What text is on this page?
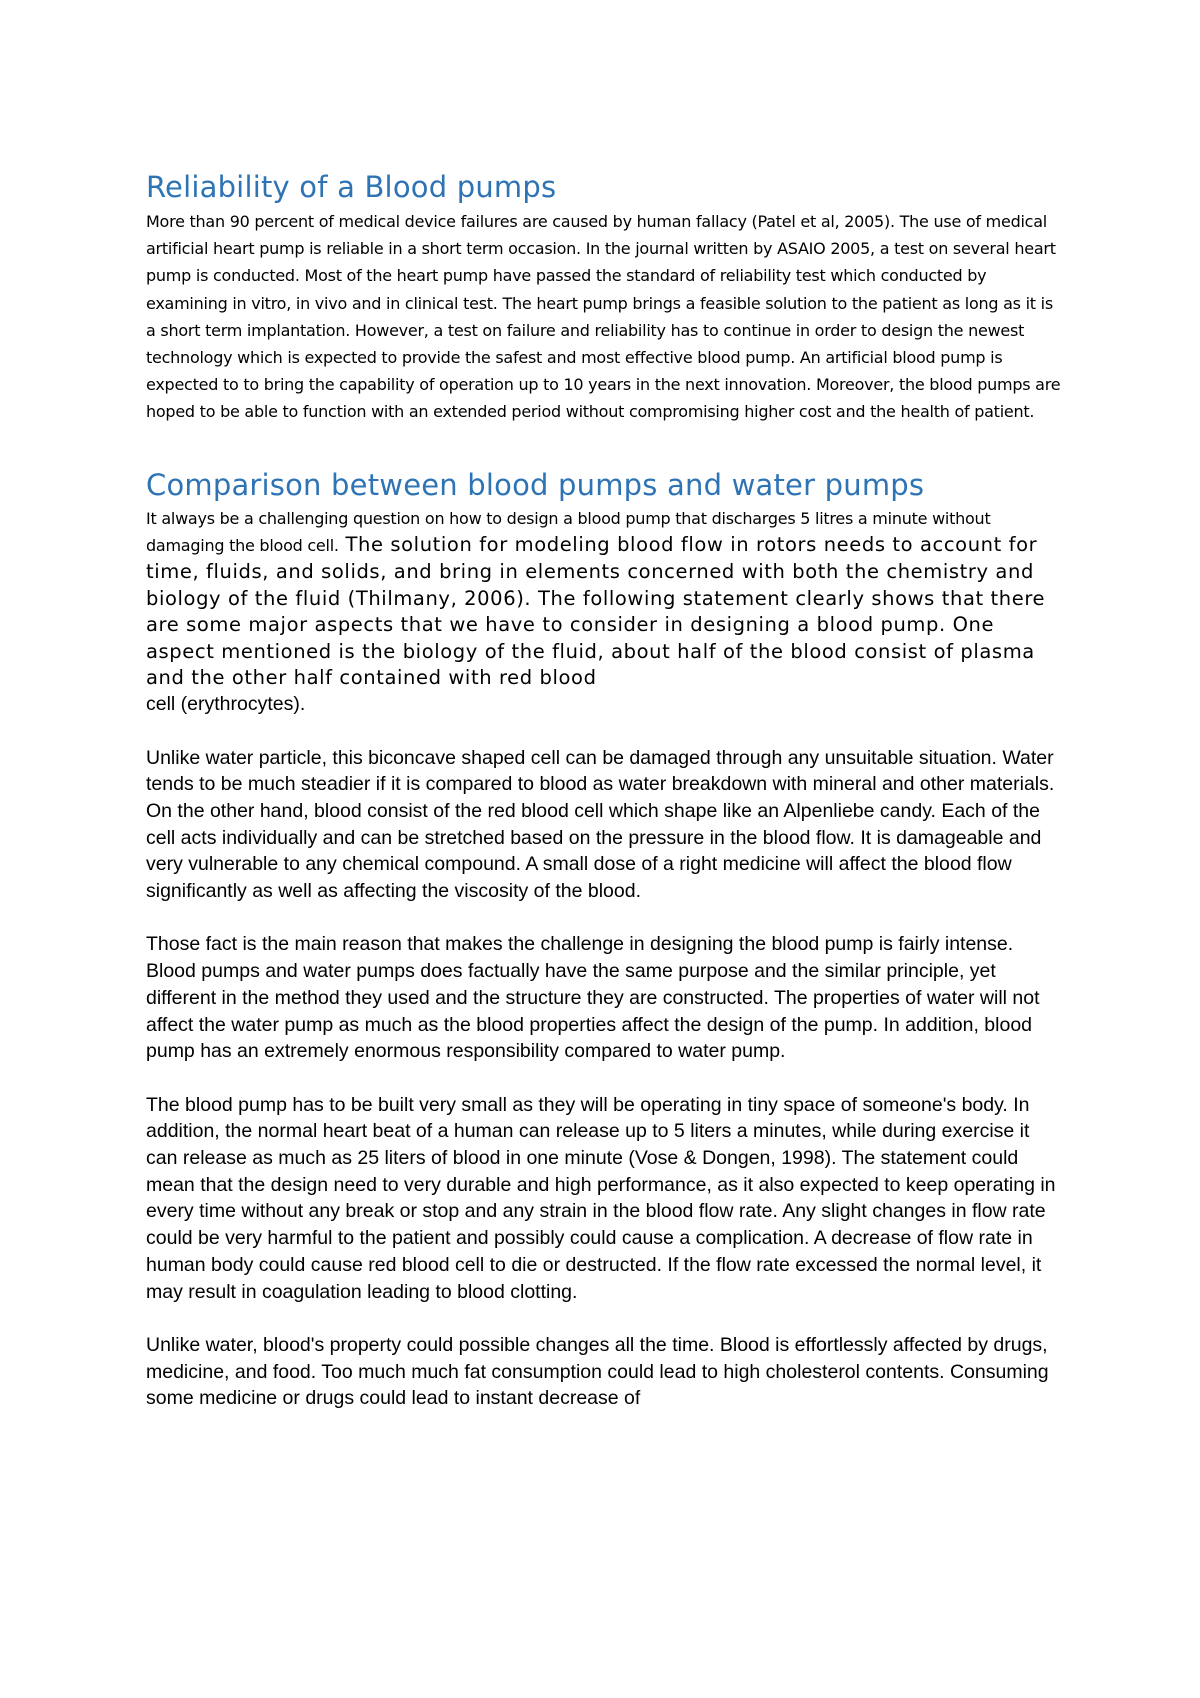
Reliability of a Blood pumps

More than 90 percent of medical device failures are caused by human fallacy (Patel et al, 2005). The use of medical artificial heart pump is reliable in a short term occasion. In the journal written by ASAIO 2005, a test on several heart pump is conducted. Most of the heart pump have passed the standard of reliability test which conducted by examining in vitro, in vivo and in clinical test. The heart pump brings a feasible solution to the patient as long as it is a short term implantation. However, a test on failure and reliability has to continue in order to design the newest technology which is expected to provide the safest and most effective blood pump. An artificial blood pump is expected to to bring the capability of operation up to 10 years in the next innovation. Moreover, the blood pumps are hoped to be able to function with an extended period without compromising higher cost and the health of patient.

Comparison between blood pumps and water pumps

It always be a challenging question on how to design a blood pump that discharges 5 litres a minute without damaging the blood cell. The solution for modeling blood flow in rotors needs to account for time, fluids, and solids, and bring in elements concerned with both the chemistry and biology of the fluid (Thilmany, 2006). The following statement clearly shows that there are some major aspects that we have to consider in designing a blood pump. One aspect mentioned is the biology of the fluid, about half of the blood consist of plasma and the other half contained with red blood
cell (erythrocytes).

Unlike water particle, this biconcave shaped cell can be damaged through any unsuitable situation. Water tends to be much steadier if it is compared to blood as water breakdown with mineral and other materials. On the other hand, blood consist of the red blood cell which shape like an Alpenliebe candy. Each of the cell acts individually and can be stretched based on the pressure in the blood flow. It is damageable and very vulnerable to any chemical compound. A small dose of a right medicine will affect the blood flow significantly as well as affecting the viscosity of the blood.

Those fact is the main reason that makes the challenge in designing the blood pump is fairly intense. Blood pumps and water pumps does factually have the same purpose and the similar principle, yet different in the method they used and the structure they are constructed. The properties of water will not affect the water pump as much as the blood properties affect the design of the pump. In addition, blood pump has an extremely enormous responsibility compared to water pump.

The blood pump has to be built very small as they will be operating in tiny space of someone's body. In addition, the normal heart beat of a human can release up to 5 liters a minutes, while during exercise it can release as much as 25 liters of blood in one minute (Vose & Dongen, 1998). The statement could mean that the design need to very durable and high performance, as it also expected to keep operating in every time without any break or stop and any strain in the blood flow rate. Any slight changes in flow rate could be very harmful to the patient and possibly could cause a complication. A decrease of flow rate in human body could cause red blood cell to die or destructed. If the flow rate excessed the normal level, it may result in coagulation leading to blood clotting.

Unlike water, blood's property could possible changes all the time. Blood is effortlessly affected by drugs, medicine, and food. Too much much fat consumption could lead to high cholesterol contents. Consuming some medicine or drugs could lead to instant decrease of
